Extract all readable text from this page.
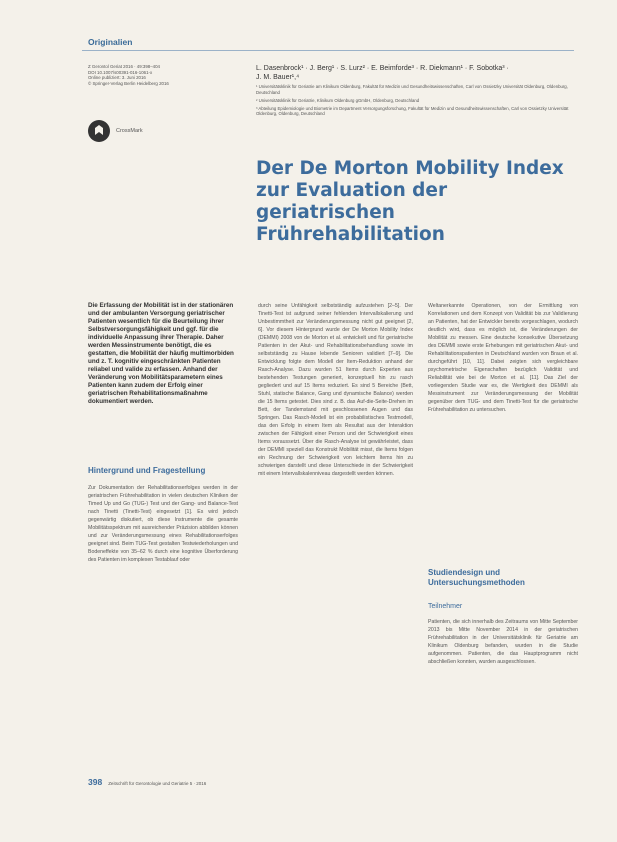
Originalien
Z Gerontol Geriat 2016 · 49:398–404
DOI 10.1007/s00391-016-1061-x
Online publiziert: 3. Juni 2016
© Springer-Verlag Berlin Heidelberg 2016
CrossMark
L. Dasenbrock¹ · J. Berg¹ · S. Lurz² · E. Beimforde³ · R. Diekmann¹ · F. Sobotka³ ·
J. M. Bauer¹,⁴
¹ Universitätsklinik für Geriatrie am Klinikum Oldenburg, Fakultät für Medizin und Gesundheitswissenschaften, Carl von Ossietzky Universität Oldenburg, Oldenburg, Deutschland
² Universitätsklinik für Geriatrie, Klinikum Oldenburg gGmbH, Oldenburg, Deutschland
³ Abteilung Epidemiologie und Biometrie im Department Versorgungsforschung, Fakultät für Medizin und Gesundheitswissenschaften, Carl von Ossietzky Universität Oldenburg, Oldenburg, Deutschland
Der De Morton Mobility Index zur Evaluation der geriatrischen Frührehabilitation
Die Erfassung der Mobilität ist in der stationären und der ambulanten Versorgung geriatrischer Patienten wesentlich für die Beurteilung ihrer Selbstversorgungsfähigkeit und ggf. für die individuelle Anpassung ihrer Therapie. Daher werden Messinstrumente benötigt, die es gestatten, die Mobilität der häufig multimorbiden und z. T. kognitiv eingeschränkten Patienten reliabel und valide zu erfassen. Anhand der Veränderung von Mobilitätsparametern eines Patienten kann zudem der Erfolg einer geriatrischen Rehabilitationsmaßnahme dokumentiert werden.
Hintergrund und Fragestellung
Zur Dokumentation der Rehabilitationserfolges werden in der geriatrischen Frührehabilitation in vielen deutschen Kliniken der Timed Up und Go (TUG-) Test und der Gang- und Balance-Test nach Tinetti (Tinetti-Test) eingesetzt [1]. Es wird jedoch gegenwärtig diskutiert, ob diese Instrumente die gesamte Mobilitätsspektrum mit ausreichender Präzision abbilden können und zur Veränderungsmessung eines Rehabilitationserfolges geeignet sind. Beim TUG-Test gestalten Testwiederholungen und Bodeneffekte von 35–62 % durch eine kognitive Überforderung des Patienten im komplexen Testablauf oder
durch seine Unfähigkeit selbstständig aufzustehen [2–5]. Der Tinetti-Test ist aufgrund seiner fehlenden Intervallskalierung und Unbestimmtheit zur Veränderungsmessung nicht gut geeignet [2, 6]. Vor diesem Hintergrund wurde der De Morton Mobility Index (DEMMI) 2008 von de Morton et al. entwickelt und für geriatrische Patienten in der Akut- und Rehabilitationsbehandlung sowie im selbstständig zu Hause lebende Senioren validiert [7–9]. Die Entwicklung folgte dem Modell der Item-Reduktion anhand der Rasch-Analyse. Dazu wurden 51 Items durch Experten aus bestehenden Testungen generiert, konzeptuell hin zu rasch gegliedert und auf 15 Items reduziert. Es sind 5 Bereiche (Bett, Stuhl, statische Balance, Gang und dynamische Balance) werden die 15 Items getestet. Dies sind z. B. das Auf-die-Seite-Drehen im Bett, der Tandemstand mit geschlossenen Augen und das Springen. Das Rasch-Modell ist ein probabilistisches Testmodell, das den Erfolg in einem Item als Resultat aus der Interaktion zwischen der Fähigkeit einer Person und der Schwierigkeit eines Items voraussetzt. Über die Rasch-Analyse ist gewährleistet, dass der DEMMI speziell das Konstrukt Mobilität misst, die Items folgen ein Rechnung der Schwierigkeit von leichtem Items hin zu schwierigen darstellt und diese Unterschiede in der Schwierigkeit mit einem Intervallskalenniveau dargestellt werden können.
Weltanerkannte Operationen, von der Ermittlung von Korrelationen und dem Konzept von Validität bis zur Validierung an Patienten, hat der Entwickler bereits vorgeschlagen, wodurch deutlich wird, dass es möglich ist, die Veränderungen der Mobilität zu messen. Eine deutsche konsekutive Übersetzung des DEMMI sowie erste Erhebungen mit geriatrischen Akut- und Rehabilitationspatienten in Deutschland wurden von Braun et al. durchgeführt [10, 11]. Dabei zeigten sich vergleichbare psychometrische Eigenschaften bezüglich Validität und Reliabilität wie bei de Morton et al. [11]. Das Ziel der vorliegenden Studie war es, die Wertigkeit des DEMMI als Messinstrument zur Veränderungsmessung der Mobilität gegenüber dem TUG- und dem Tinetti-Test für die geriatrische Frührehabilitation zu untersuchen.
Studiendesign und Untersuchungsmethoden
Teilnehmer
Patienten, die sich innerhalb des Zeitraums von Mitte September 2013 bis Mitte November 2014 in der geriatrischen Frührehabilitation in der Universitätsklinik für Geriatrie am Klinikum Oldenburg befanden, wurden in die Studie aufgenommen. Patienten, die das Hauptprogramm nicht abschließen konnten, wurden ausgeschlossen.
398 Zeitschrift für Gerontologie und Geriatrie 5 · 2016
